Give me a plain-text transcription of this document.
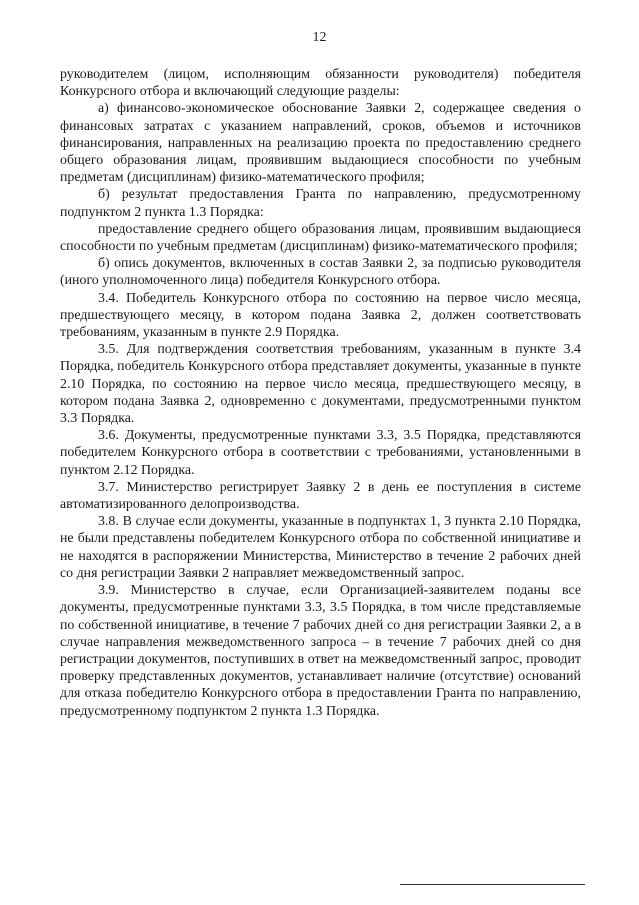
12

руководителем (лицом, исполняющим обязанности руководителя) победителя Конкурсного отбора и включающий следующие разделы:

а) финансово-экономическое обоснование Заявки 2, содержащее сведения о финансовых затратах с указанием направлений, сроков, объемов и источников финансирования, направленных на реализацию проекта по предоставлению среднего общего образования лицам, проявившим выдающиеся способности по учебным предметам (дисциплинам) физико-математического профиля;

б) результат предоставления Гранта по направлению, предусмотренному подпунктом 2 пункта 1.3 Порядка:

предоставление среднего общего образования лицам, проявившим выдающиеся способности по учебным предметам (дисциплинам) физико-математического профиля;

б) опись документов, включенных в состав Заявки 2, за подписью руководителя (иного уполномоченного лица) победителя Конкурсного отбора.

3.4. Победитель Конкурсного отбора по состоянию на первое число месяца, предшествующего месяцу, в котором подана Заявка 2, должен соответствовать требованиям, указанным в пункте 2.9 Порядка.

3.5. Для подтверждения соответствия требованиям, указанным в пункте 3.4 Порядка, победитель Конкурсного отбора представляет документы, указанные в пункте 2.10 Порядка, по состоянию на первое число месяца, предшествующего месяцу, в котором подана Заявка 2, одновременно с документами, предусмотренными пунктом 3.3 Порядка.

3.6. Документы, предусмотренные пунктами 3.3, 3.5 Порядка, представляются победителем Конкурсного отбора в соответствии с требованиями, установленными в пунктом 2.12 Порядка.

3.7. Министерство регистрирует Заявку 2 в день ее поступления в системе автоматизированного делопроизводства.

3.8. В случае если документы, указанные в подпунктах 1, 3 пункта 2.10 Порядка, не были представлены победителем Конкурсного отбора по собственной инициативе и не находятся в распоряжении Министерства, Министерство в течение 2 рабочих дней со дня регистрации Заявки 2 направляет межведомственный запрос.

3.9. Министерство в случае, если Организацией-заявителем поданы все документы, предусмотренные пунктами 3.3, 3.5 Порядка, в том числе представляемые по собственной инициативе, в течение 7 рабочих дней со дня регистрации Заявки 2, а в случае направления межведомственного запроса – в течение 7 рабочих дней со дня регистрации документов, поступивших в ответ на межведомственный запрос, проводит проверку представленных документов, устанавливает наличие (отсутствие) оснований для отказа победителю Конкурсного отбора в предоставлении Гранта по направлению, предусмотренному подпунктом 2 пункта 1.3 Порядка.
